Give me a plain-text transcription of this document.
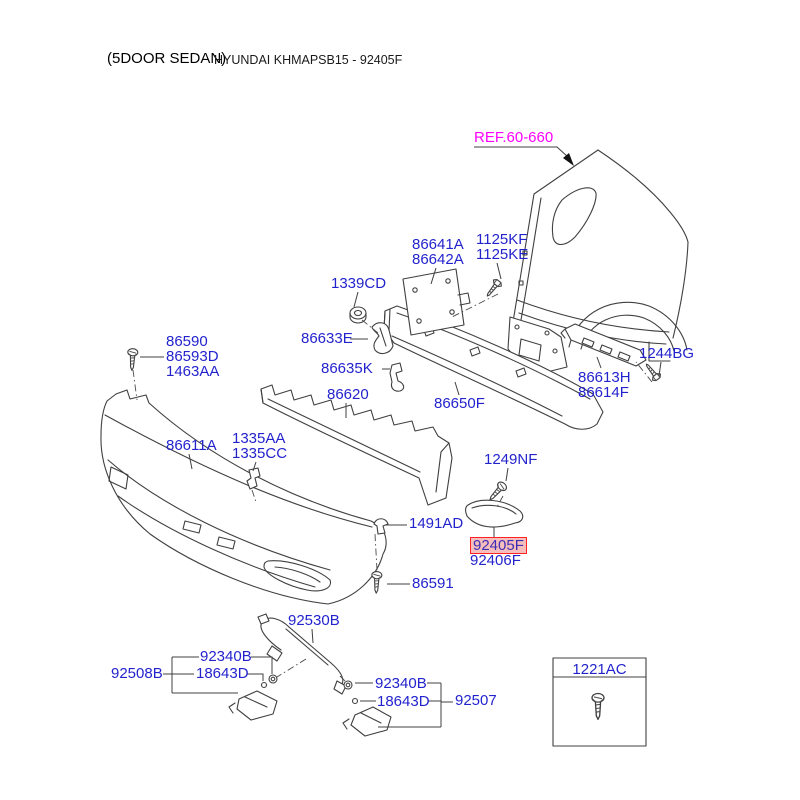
(5DOOR SEDAN)
HYUNDAI KHMAPSB15 - 92405F
REF.60-660
86590
86593D
1463AA
86641A
86642A
1125KF
1125KE
1339CD
86633E
86635K
86620
86650F
86613H
86614F
1244BG
86611A 1335AA
1335CC	1249NF
1491AD
92405F
92406F
86591
92530B
92508B
92340B
18643D
92340B
18643D 92507
1221AC
